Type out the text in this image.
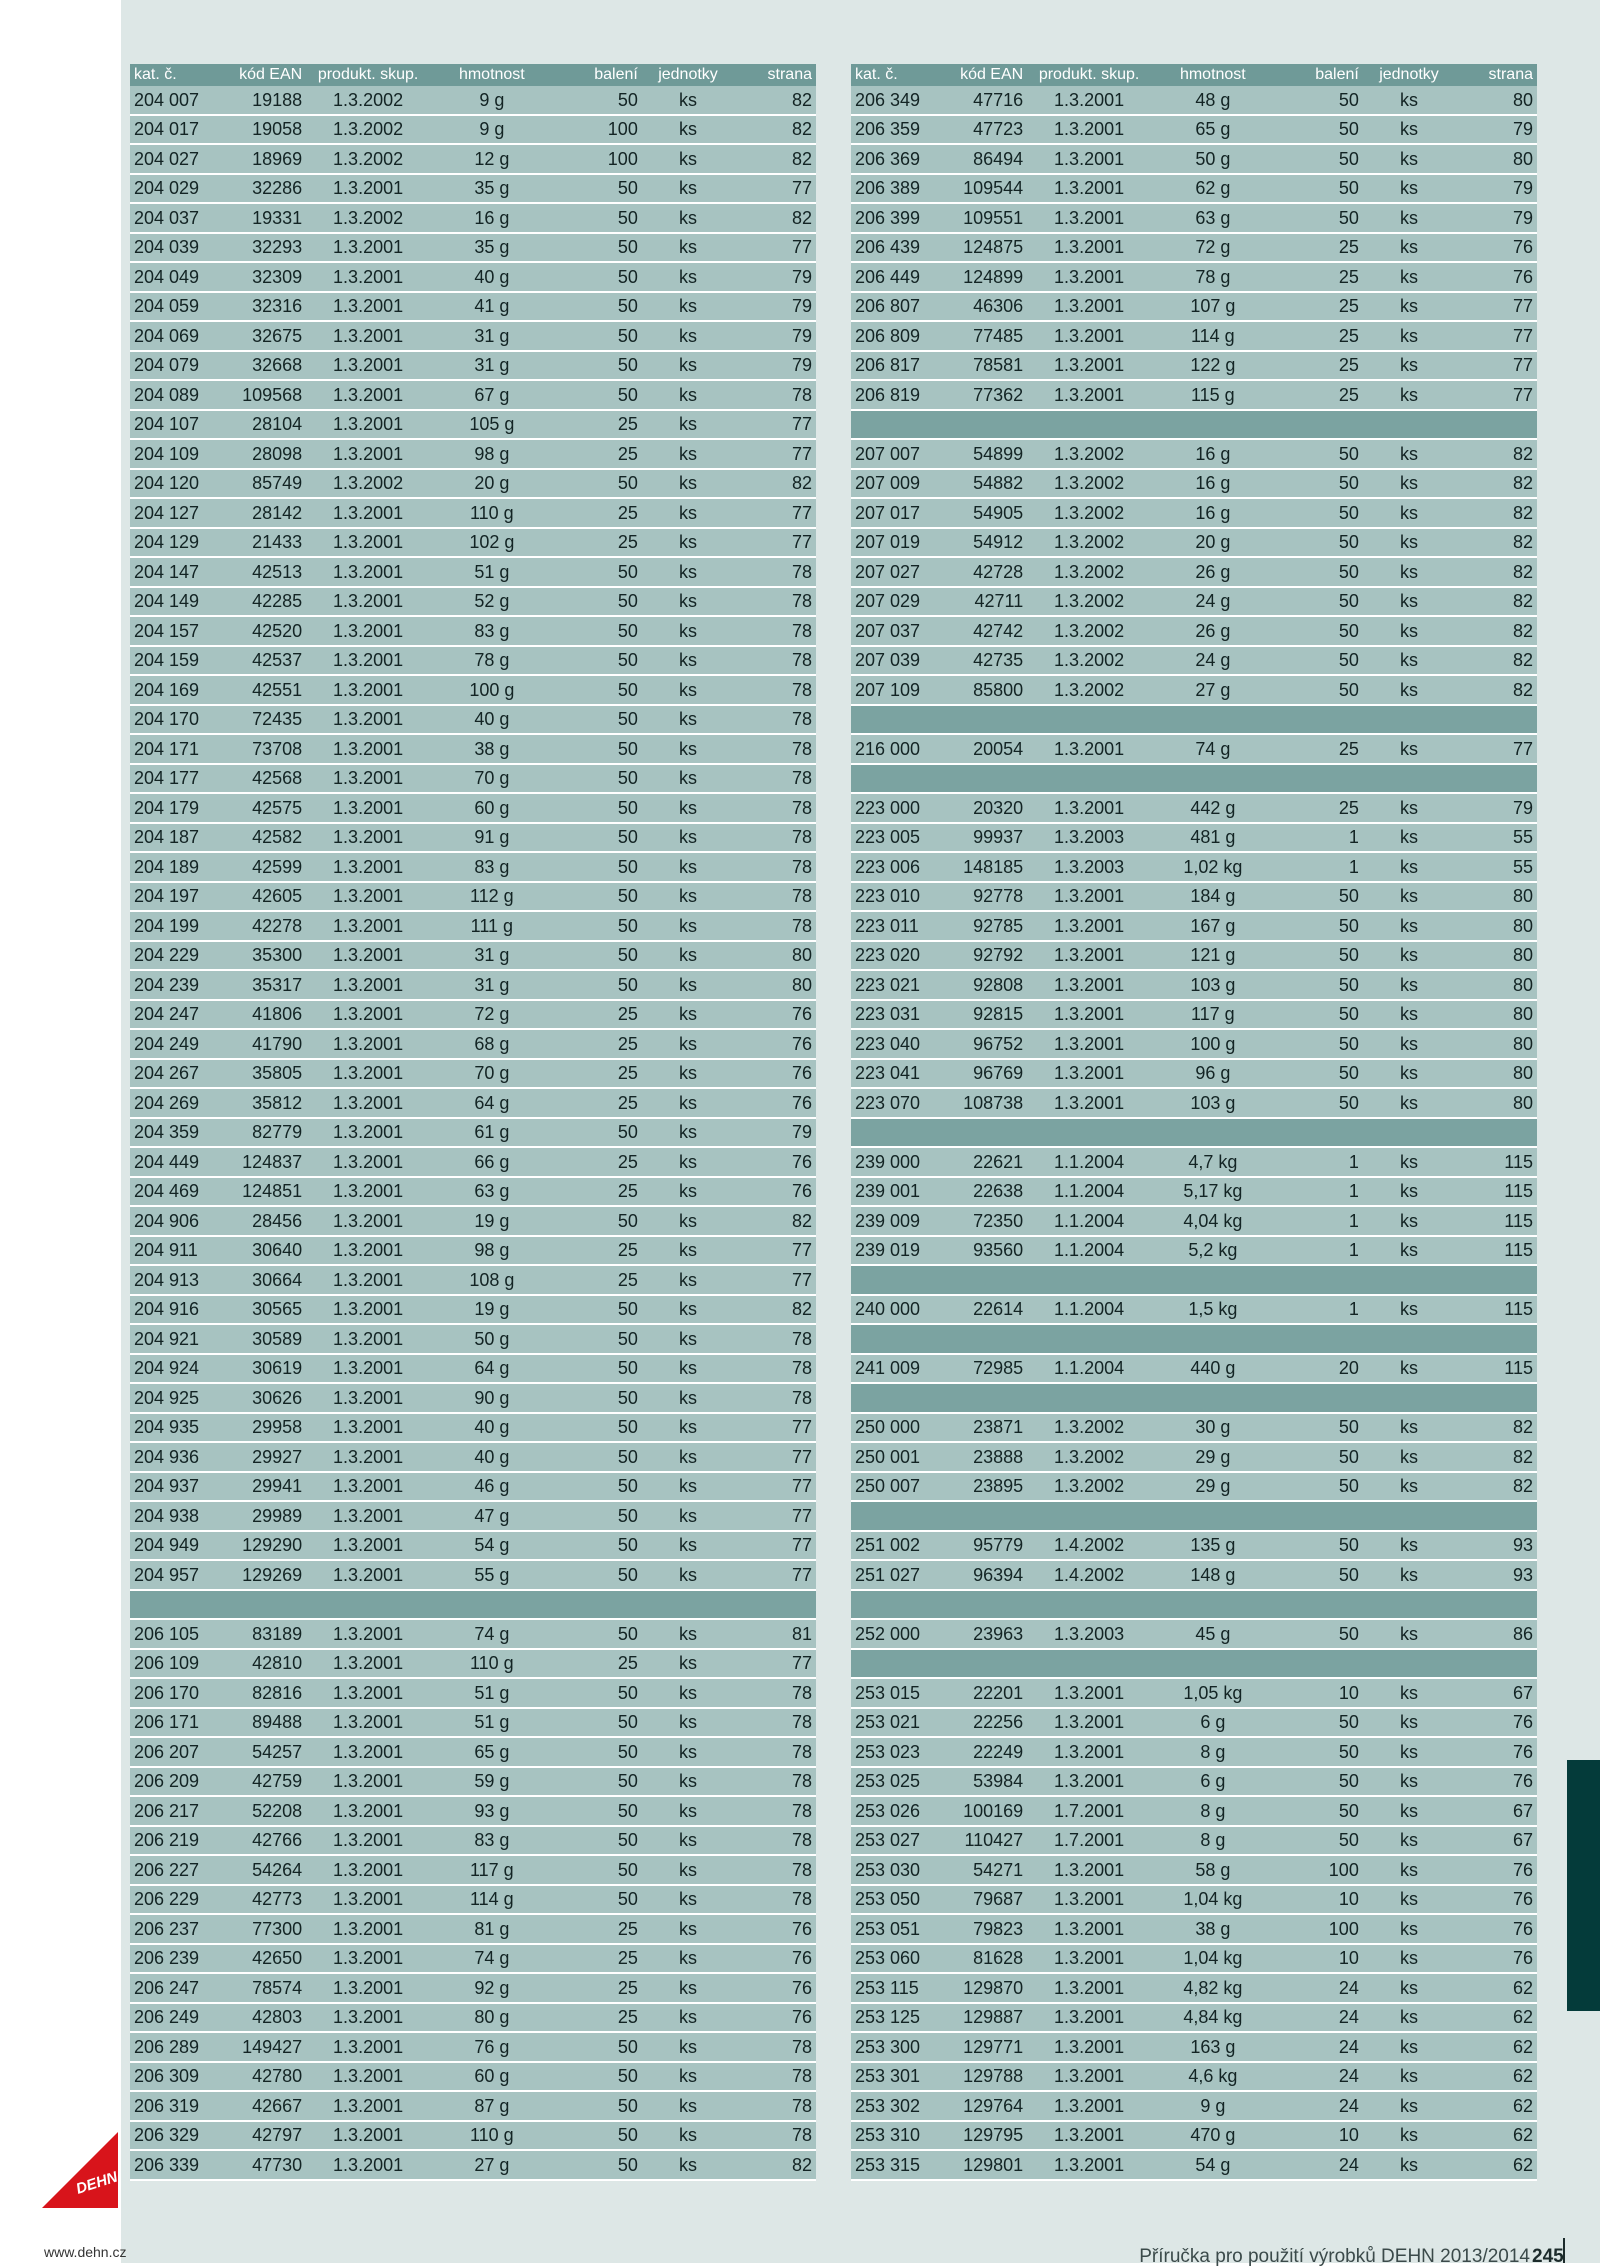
kat. č.	kód EAN	produkt. skup.	hmotnost	balení	jednotky	strana
204 007	19188	1.3.2002	9 g	50	ks	82
204 017	19058	1.3.2002	9 g	100	ks	82
204 027	18969	1.3.2002	12 g	100	ks	82
204 029	32286	1.3.2001	35 g	50	ks	77
204 037	19331	1.3.2002	16 g	50	ks	82
204 039	32293	1.3.2001	35 g	50	ks	77
204 049	32309	1.3.2001	40 g	50	ks	79
204 059	32316	1.3.2001	41 g	50	ks	79
204 069	32675	1.3.2001	31 g	50	ks	79
204 079	32668	1.3.2001	31 g	50	ks	79
204 089	109568	1.3.2001	67 g	50	ks	78
204 107	28104	1.3.2001	105 g	25	ks	77
204 109	28098	1.3.2001	98 g	25	ks	77
204 120	85749	1.3.2002	20 g	50	ks	82
204 127	28142	1.3.2001	110 g	25	ks	77
204 129	21433	1.3.2001	102 g	25	ks	77
204 147	42513	1.3.2001	51 g	50	ks	78
204 149	42285	1.3.2001	52 g	50	ks	78
204 157	42520	1.3.2001	83 g	50	ks	78
204 159	42537	1.3.2001	78 g	50	ks	78
204 169	42551	1.3.2001	100 g	50	ks	78
204 170	72435	1.3.2001	40 g	50	ks	78
204 171	73708	1.3.2001	38 g	50	ks	78
204 177	42568	1.3.2001	70 g	50	ks	78
204 179	42575	1.3.2001	60 g	50	ks	78
204 187	42582	1.3.2001	91 g	50	ks	78
204 189	42599	1.3.2001	83 g	50	ks	78
204 197	42605	1.3.2001	112 g	50	ks	78
204 199	42278	1.3.2001	111 g	50	ks	78
204 229	35300	1.3.2001	31 g	50	ks	80
204 239	35317	1.3.2001	31 g	50	ks	80
204 247	41806	1.3.2001	72 g	25	ks	76
204 249	41790	1.3.2001	68 g	25	ks	76
204 267	35805	1.3.2001	70 g	25	ks	76
204 269	35812	1.3.2001	64 g	25	ks	76
204 359	82779	1.3.2001	61 g	50	ks	79
204 449	124837	1.3.2001	66 g	25	ks	76
204 469	124851	1.3.2001	63 g	25	ks	76
204 906	28456	1.3.2001	19 g	50	ks	82
204 911	30640	1.3.2001	98 g	25	ks	77
204 913	30664	1.3.2001	108 g	25	ks	77
204 916	30565	1.3.2001	19 g	50	ks	82
204 921	30589	1.3.2001	50 g	50	ks	78
204 924	30619	1.3.2001	64 g	50	ks	78
204 925	30626	1.3.2001	90 g	50	ks	78
204 935	29958	1.3.2001	40 g	50	ks	77
204 936	29927	1.3.2001	40 g	50	ks	77
204 937	29941	1.3.2001	46 g	50	ks	77
204 938	29989	1.3.2001	47 g	50	ks	77
204 949	129290	1.3.2001	54 g	50	ks	77
204 957	129269	1.3.2001	55 g	50	ks	77

206 105	83189	1.3.2001	74 g	50	ks	81
206 109	42810	1.3.2001	110 g	25	ks	77
206 170	82816	1.3.2001	51 g	50	ks	78
206 171	89488	1.3.2001	51 g	50	ks	78
206 207	54257	1.3.2001	65 g	50	ks	78
206 209	42759	1.3.2001	59 g	50	ks	78
206 217	52208	1.3.2001	93 g	50	ks	78
206 219	42766	1.3.2001	83 g	50	ks	78
206 227	54264	1.3.2001	117 g	50	ks	78
206 229	42773	1.3.2001	114 g	50	ks	78
206 237	77300	1.3.2001	81 g	25	ks	76
206 239	42650	1.3.2001	74 g	25	ks	76
206 247	78574	1.3.2001	92 g	25	ks	76
206 249	42803	1.3.2001	80 g	25	ks	76
206 289	149427	1.3.2001	76 g	50	ks	78
206 309	42780	1.3.2001	60 g	50	ks	78
206 319	42667	1.3.2001	87 g	50	ks	78
206 329	42797	1.3.2001	110 g	50	ks	78
206 339	47730	1.3.2001	27 g	50	ks	82
kat. č.	kód EAN	produkt. skup.	hmotnost	balení	jednotky	strana
206 349	47716	1.3.2001	48 g	50	ks	80
206 359	47723	1.3.2001	65 g	50	ks	79
206 369	86494	1.3.2001	50 g	50	ks	80
206 389	109544	1.3.2001	62 g	50	ks	79
206 399	109551	1.3.2001	63 g	50	ks	79
206 439	124875	1.3.2001	72 g	25	ks	76
206 449	124899	1.3.2001	78 g	25	ks	76
206 807	46306	1.3.2001	107 g	25	ks	77
206 809	77485	1.3.2001	114 g	25	ks	77
206 817	78581	1.3.2001	122 g	25	ks	77
206 819	77362	1.3.2001	115 g	25	ks	77

207 007	54899	1.3.2002	16 g	50	ks	82
207 009	54882	1.3.2002	16 g	50	ks	82
207 017	54905	1.3.2002	16 g	50	ks	82
207 019	54912	1.3.2002	20 g	50	ks	82
207 027	42728	1.3.2002	26 g	50	ks	82
207 029	42711	1.3.2002	24 g	50	ks	82
207 037	42742	1.3.2002	26 g	50	ks	82
207 039	42735	1.3.2002	24 g	50	ks	82
207 109	85800	1.3.2002	27 g	50	ks	82

216 000	20054	1.3.2001	74 g	25	ks	77

223 000	20320	1.3.2001	442 g	25	ks	79
223 005	99937	1.3.2003	481 g	1	ks	55
223 006	148185	1.3.2003	1,02 kg	1	ks	55
223 010	92778	1.3.2001	184 g	50	ks	80
223 011	92785	1.3.2001	167 g	50	ks	80
223 020	92792	1.3.2001	121 g	50	ks	80
223 021	92808	1.3.2001	103 g	50	ks	80
223 031	92815	1.3.2001	117 g	50	ks	80
223 040	96752	1.3.2001	100 g	50	ks	80
223 041	96769	1.3.2001	96 g	50	ks	80
223 070	108738	1.3.2001	103 g	50	ks	80

239 000	22621	1.1.2004	4,7 kg	1	ks	115
239 001	22638	1.1.2004	5,17 kg	1	ks	115
239 009	72350	1.1.2004	4,04 kg	1	ks	115
239 019	93560	1.1.2004	5,2 kg	1	ks	115

240 000	22614	1.1.2004	1,5 kg	1	ks	115

241 009	72985	1.1.2004	440 g	20	ks	115

250 000	23871	1.3.2002	30 g	50	ks	82
250 001	23888	1.3.2002	29 g	50	ks	82
250 007	23895	1.3.2002	29 g	50	ks	82

251 002	95779	1.4.2002	135 g	50	ks	93
251 027	96394	1.4.2002	148 g	50	ks	93

252 000	23963	1.3.2003	45 g	50	ks	86

253 015	22201	1.3.2001	1,05 kg	10	ks	67
253 021	22256	1.3.2001	6 g	50	ks	76
253 023	22249	1.3.2001	8 g	50	ks	76
253 025	53984	1.3.2001	6 g	50	ks	76
253 026	100169	1.7.2001	8 g	50	ks	67
253 027	110427	1.7.2001	8 g	50	ks	67
253 030	54271	1.3.2001	58 g	100	ks	76
253 050	79687	1.3.2001	1,04 kg	10	ks	76
253 051	79823	1.3.2001	38 g	100	ks	76
253 060	81628	1.3.2001	1,04 kg	10	ks	76
253 115	129870	1.3.2001	4,82 kg	24	ks	62
253 125	129887	1.3.2001	4,84 kg	24	ks	62
253 300	129771	1.3.2001	163 g	24	ks	62
253 301	129788	1.3.2001	4,6 kg	24	ks	62
253 302	129764	1.3.2001	9 g	24	ks	62
253 310	129795	1.3.2001	470 g	10	ks	62
253 315	129801	1.3.2001	54 g	24	ks	62
DEHN
www.dehn.cz	Příručka pro použití výrobků DEHN 2013/2014 245
